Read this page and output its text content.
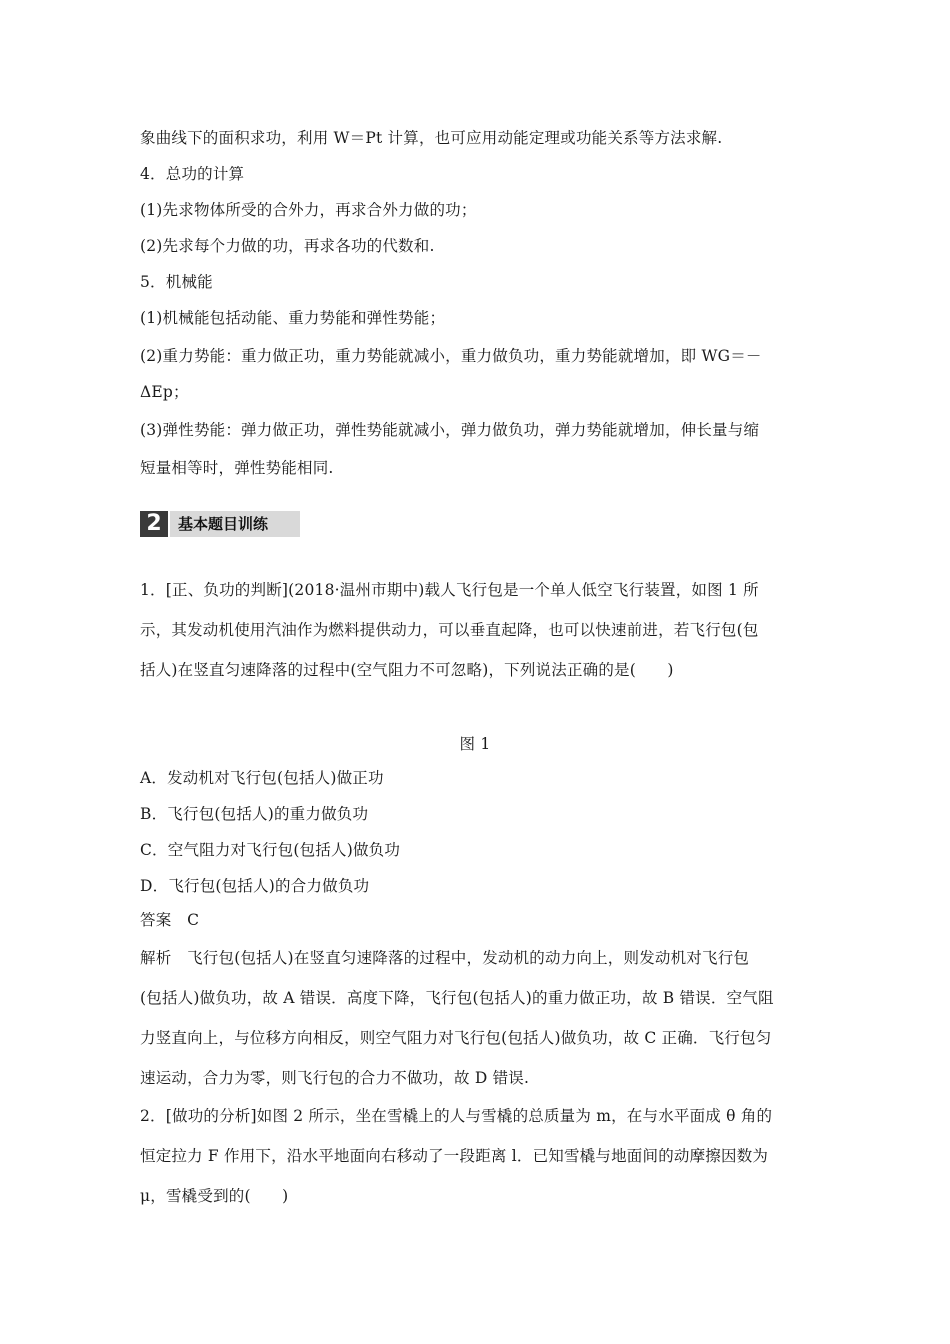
象曲线下的面积求功，利用 W＝Pt 计算，也可应用动能定理或功能关系等方法求解.
4．总功的计算
(1)先求物体所受的合外力，再求合外力做的功；
(2)先求每个力做的功，再求各功的代数和.
5．机械能
(1)机械能包括动能、重力势能和弹性势能；
(2)重力势能：重力做正功，重力势能就减小，重力做负功，重力势能就增加，即 WG＝－
ΔEp；
(3)弹性势能：弹力做正功，弹性势能就减小，弹力做负功，弹力势能就增加，伸长量与缩
短量相等时，弹性势能相同.
2	基本题目训练
1．[正、负功的判断](2018·温州市期中)载人飞行包是一个单人低空飞行装置，如图 1 所
示，其发动机使用汽油作为燃料提供动力，可以垂直起降，也可以快速前进，若飞行包(包
括人)在竖直匀速降落的过程中(空气阻力不可忽略)，下列说法正确的是(　　)
图 1
A．发动机对飞行包(包括人)做正功
B．飞行包(包括人)的重力做负功
C．空气阻力对飞行包(包括人)做负功
D．飞行包(包括人)的合力做负功
答案　C
解析　飞行包(包括人)在竖直匀速降落的过程中，发动机的动力向上，则发动机对飞行包
(包括人)做负功，故 A 错误．高度下降，飞行包(包括人)的重力做正功，故 B 错误．空气阻
力竖直向上，与位移方向相反，则空气阻力对飞行包(包括人)做负功，故 C 正确．飞行包匀
速运动，合力为零，则飞行包的合力不做功，故 D 错误.
2．[做功的分析]如图 2 所示，坐在雪橇上的人与雪橇的总质量为 m，在与水平面成 θ 角的
恒定拉力 F 作用下，沿水平地面向右移动了一段距离 l．已知雪橇与地面间的动摩擦因数为
μ，雪橇受到的(　　)
